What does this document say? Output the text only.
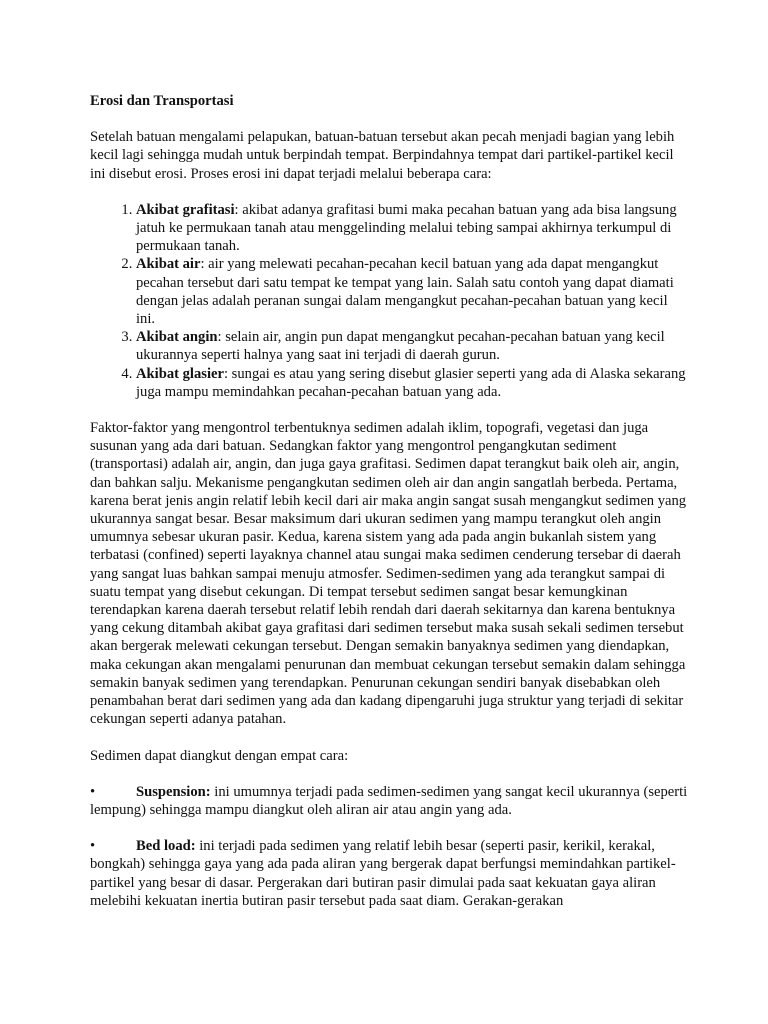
Erosi dan Transportasi

Setelah batuan mengalami pelapukan, batuan-batuan tersebut akan pecah menjadi bagian yang lebih kecil lagi sehingga mudah untuk berpindah tempat. Berpindahnya tempat dari partikel-partikel kecil ini disebut erosi. Proses erosi ini dapat terjadi melalui beberapa cara:

1. Akibat grafitasi: akibat adanya grafitasi bumi maka pecahan batuan yang ada bisa langsung jatuh ke permukaan tanah atau menggelinding melalui tebing sampai akhirnya terkumpul di permukaan tanah.
2. Akibat air: air yang melewati pecahan-pecahan kecil batuan yang ada dapat mengangkut pecahan tersebut dari satu tempat ke tempat yang lain. Salah satu contoh yang dapat diamati dengan jelas adalah peranan sungai dalam mengangkut pecahan-pecahan batuan yang kecil ini.
3. Akibat angin: selain air, angin pun dapat mengangkut pecahan-pecahan batuan yang kecil ukurannya seperti halnya yang saat ini terjadi di daerah gurun.
4. Akibat glasier: sungai es atau yang sering disebut glasier seperti yang ada di Alaska sekarang juga mampu memindahkan pecahan-pecahan batuan yang ada.

Faktor-faktor yang mengontrol terbentuknya sedimen adalah iklim, topografi, vegetasi dan juga susunan yang ada dari batuan. Sedangkan faktor yang mengontrol pengangkutan sediment (transportasi) adalah air, angin, dan juga gaya grafitasi. Sedimen dapat terangkut baik oleh air, angin, dan bahkan salju. Mekanisme pengangkutan sedimen oleh air dan angin sangatlah berbeda. Pertama, karena berat jenis angin relatif lebih kecil dari air maka angin sangat susah mengangkut sedimen yang ukurannya sangat besar. Besar maksimum dari ukuran sedimen yang mampu terangkut oleh angin umumnya sebesar ukuran pasir. Kedua, karena sistem yang ada pada angin bukanlah sistem yang terbatasi (confined) seperti layaknya channel atau sungai maka sedimen cenderung tersebar di daerah yang sangat luas bahkan sampai menuju atmosfer. Sedimen-sedimen yang ada terangkut sampai di suatu tempat yang disebut cekungan. Di tempat tersebut sedimen sangat besar kemungkinan terendapkan karena daerah tersebut relatif lebih rendah dari daerah sekitarnya dan karena bentuknya yang cekung ditambah akibat gaya grafitasi dari sedimen tersebut maka susah sekali sedimen tersebut akan bergerak melewati cekungan tersebut. Dengan semakin banyaknya sedimen yang diendapkan, maka cekungan akan mengalami penurunan dan membuat cekungan tersebut semakin dalam sehingga semakin banyak sedimen yang terendapkan. Penurunan cekungan sendiri banyak disebabkan oleh penambahan berat dari sedimen yang ada dan kadang dipengaruhi juga struktur yang terjadi di sekitar cekungan seperti adanya patahan.

Sedimen dapat diangkut dengan empat cara:

•	Suspension: ini umumnya terjadi pada sedimen-sedimen yang sangat kecil ukurannya (seperti lempung) sehingga mampu diangkut oleh aliran air atau angin yang ada.

•	Bed load: ini terjadi pada sedimen yang relatif lebih besar (seperti pasir, kerikil, kerakal, bongkah) sehingga gaya yang ada pada aliran yang bergerak dapat berfungsi memindahkan partikel-partikel yang besar di dasar. Pergerakan dari butiran pasir dimulai pada saat kekuatan gaya aliran melebihi kekuatan inertia butiran pasir tersebut pada saat diam. Gerakan-gerakan
